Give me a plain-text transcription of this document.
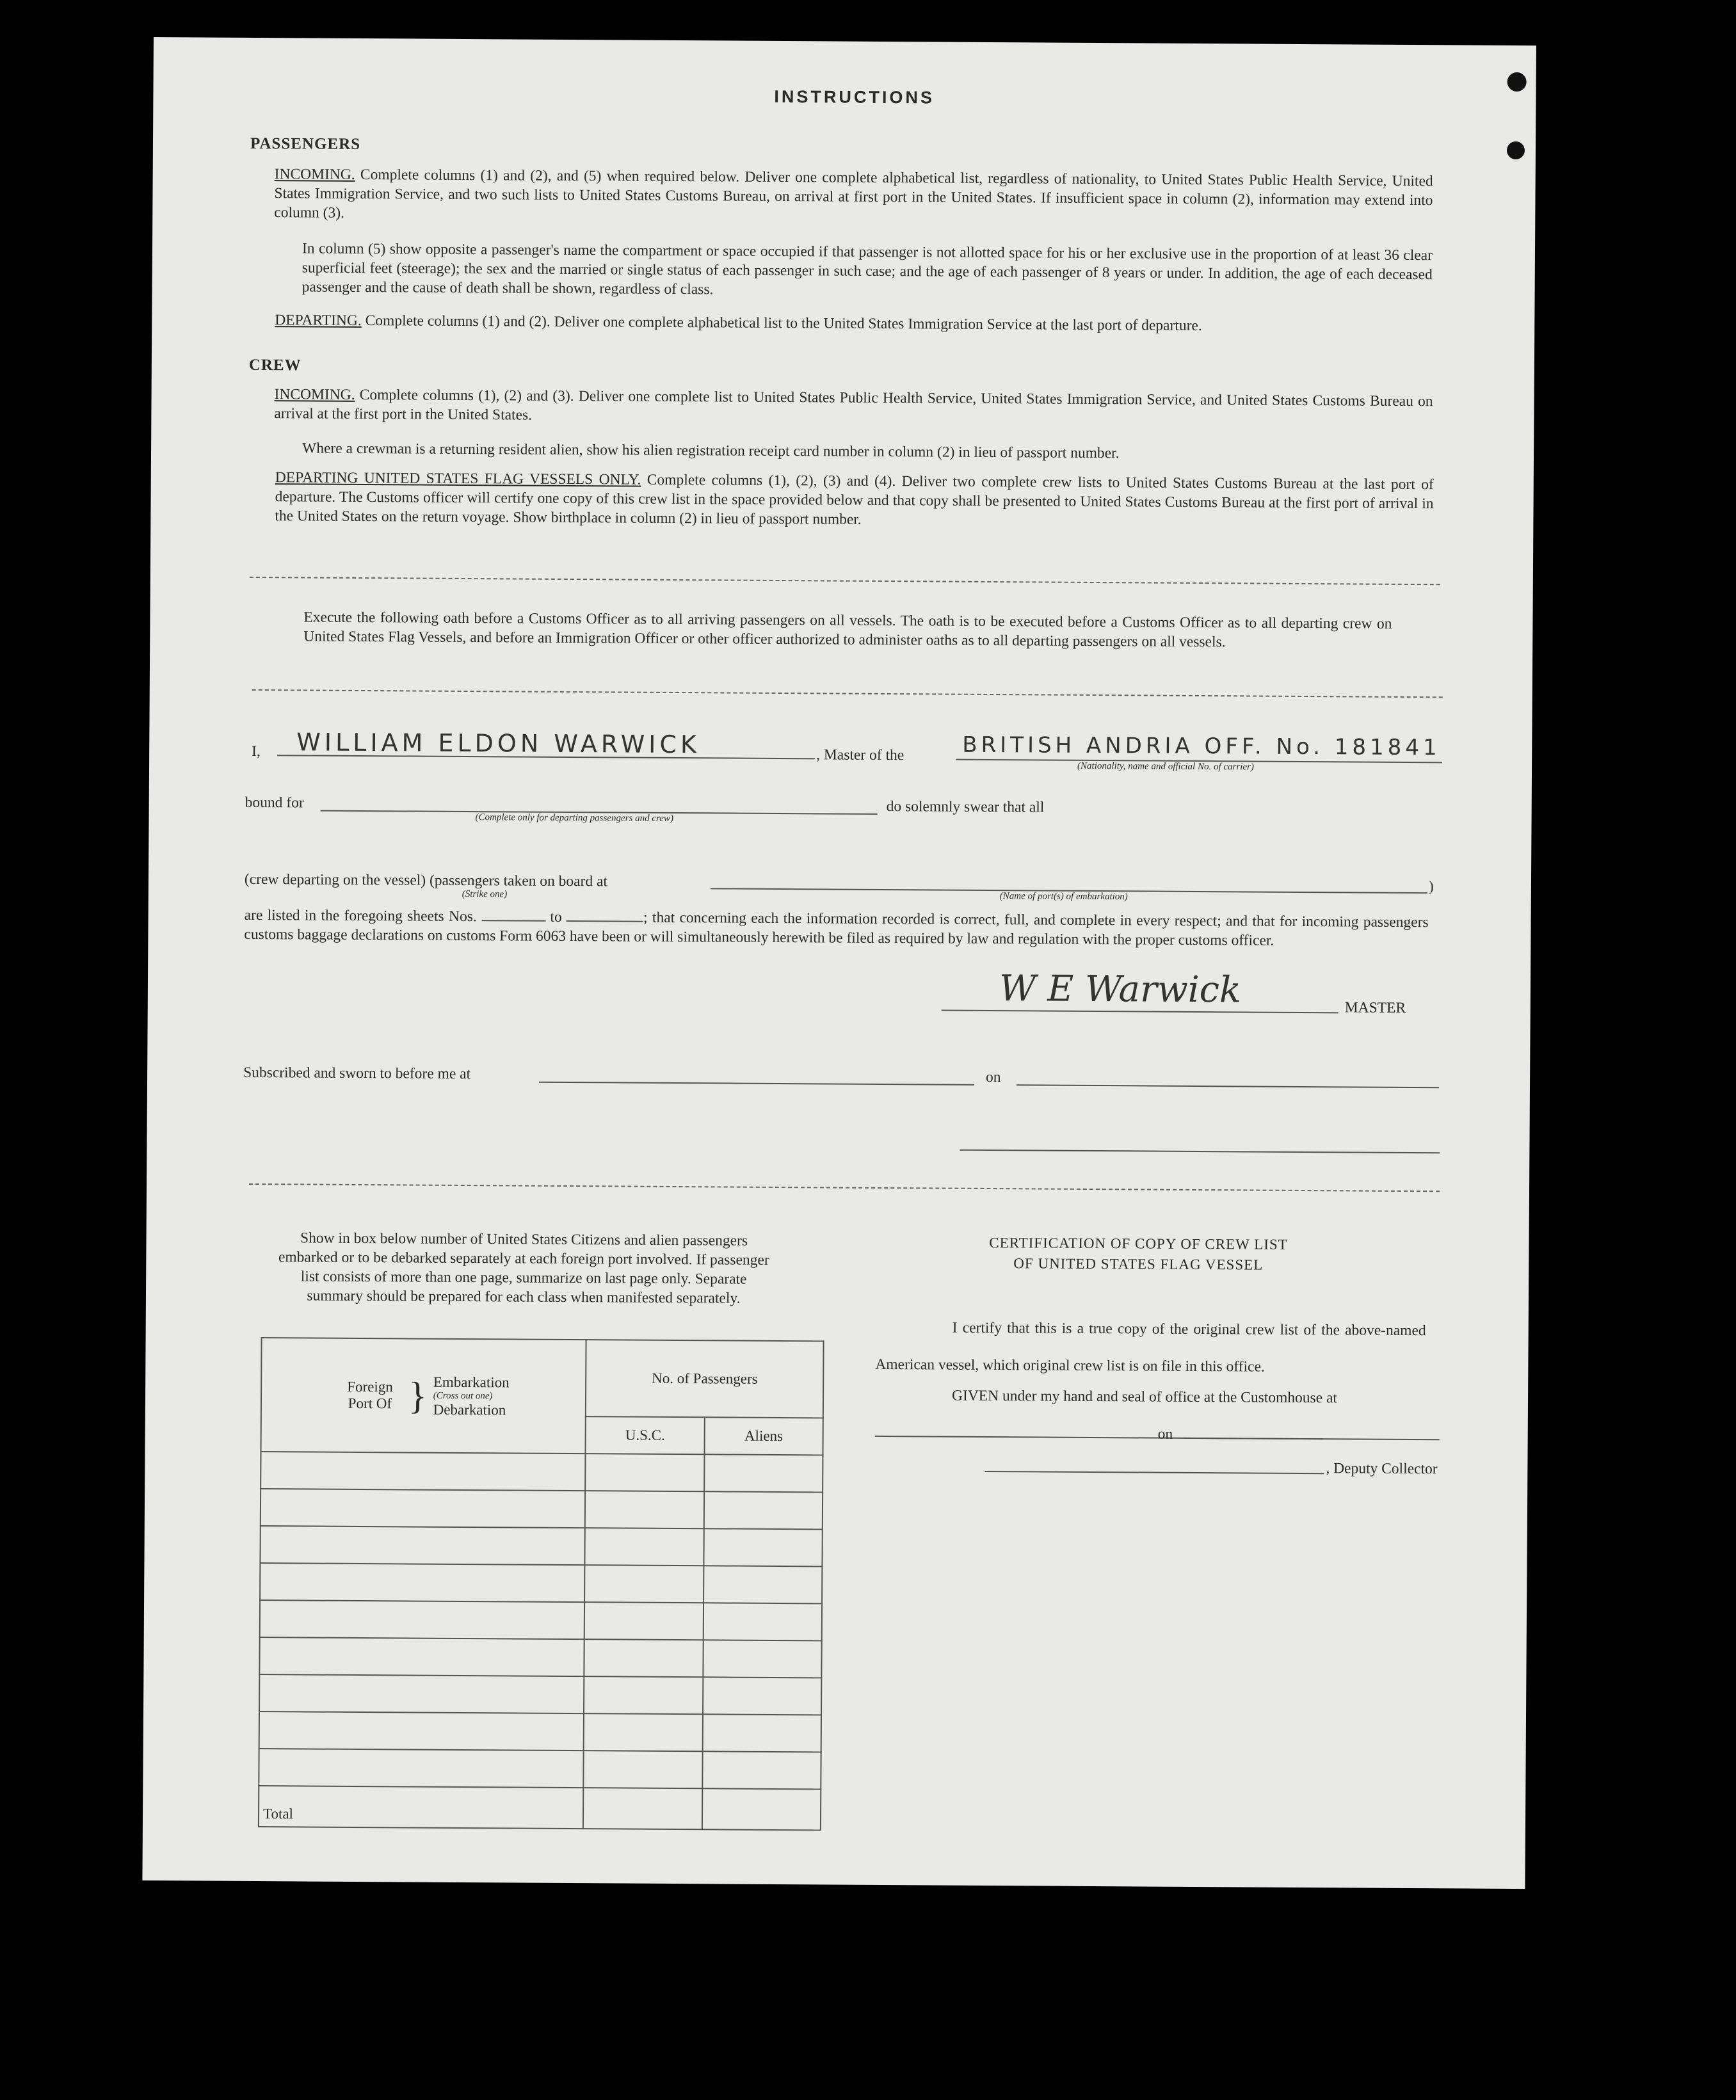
INSTRUCTIONS
PASSENGERS
INCOMING. Complete columns (1) and (2), and (5) when required below. Deliver one complete alphabetical list, regardless of nationality, to United States Public Health Service, United States Immigration Service, and two such lists to United States Customs Bureau, on arrival at first port in the United States. If insufficient space in column (2), information may extend into column (3).
In column (5) show opposite a passenger's name the compartment or space occupied if that passenger is not allotted space for his or her exclusive use in the proportion of at least 36 clear superficial feet (steerage); the sex and the married or single status of each passenger in such case; and the age of each passenger of 8 years or under. In addition, the age of each deceased passenger and the cause of death shall be shown, regardless of class.
DEPARTING. Complete columns (1) and (2). Deliver one complete alphabetical list to the United States Immigration Service at the last port of departure.
CREW
INCOMING. Complete columns (1), (2) and (3). Deliver one complete list to United States Public Health Service, United States Immigration Service, and United States Customs Bureau on arrival at the first port in the United States.
Where a crewman is a returning resident alien, show his alien registration receipt card number in column (2) in lieu of passport number.
DEPARTING UNITED STATES FLAG VESSELS ONLY. Complete columns (1), (2), (3) and (4). Deliver two complete crew lists to United States Customs Bureau at the last port of departure. The Customs officer will certify one copy of this crew list in the space provided below and that copy shall be presented to United States Customs Bureau at the first port of arrival in the United States on the return voyage. Show birthplace in column (2) in lieu of passport number.
Execute the following oath before a Customs Officer as to all arriving passengers on all vessels. The oath is to be executed before a Customs Officer as to all departing crew on United States Flag Vessels, and before an Immigration Officer or other officer authorized to administer oaths as to all departing passengers on all vessels.
I, WILLIAM ELDON WARWICK	, Master of the	BRITISH ANDRIA OFF. No. 181841
(Nationality, name and official No. of carrier)
bound for
(Complete only for departing passengers and crew)
do solemnly swear that all
(crew departing on the vessel) (passengers taken on board at	)
(Strike one)	(Name of port(s) of embarkation)
are listed in the foregoing sheets Nos.	to	; that concerning each the information recorded is correct, full, and complete in every respect; and that for incoming passengers customs baggage declarations on customs Form 6063 have been or will simultaneously herewith be filed as required by law and regulation with the proper customs officer.
W E Warwick	MASTER
Subscribed and sworn to before me at	on
Show in box below number of United States Citizens and alien passengers embarked or to be debarked separately at each foreign port involved. If passenger list consists of more than one page, summarize on last page only. Separate summary should be prepared for each class when manifested separately.
Foreign Port Of } Embarkation
(Cross out one)
Debarkation	No. of Passengers	
	U.S.C.	Aliens

Total		
CERTIFICATION OF COPY OF CREW LIST
OF UNITED STATES FLAG VESSEL
I certify that this is a true copy of the original crew list of the above-named American vessel, which original crew list is on file in this office.
GIVEN under my hand and seal of office at the Customhouse at
on
, Deputy Collector
